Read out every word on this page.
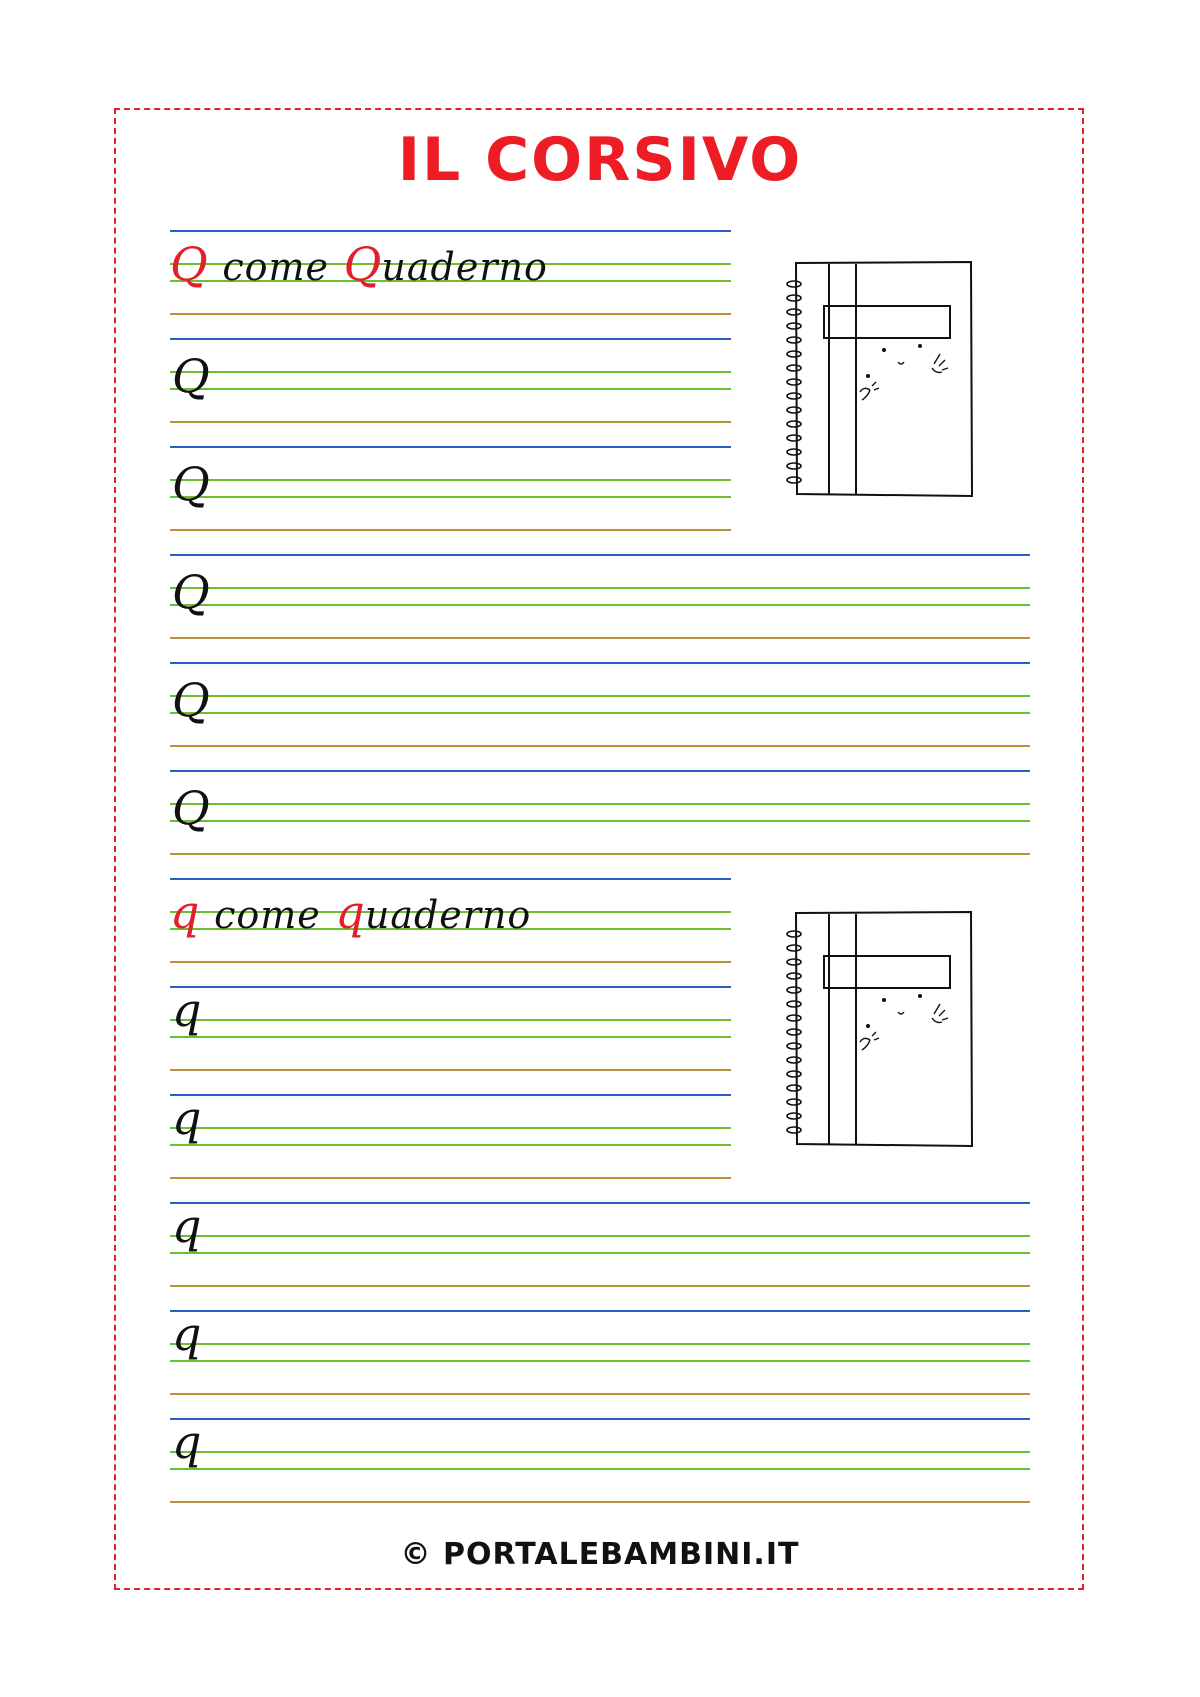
IL CORSIVO
Q come Quaderno
Q
Q
Q
Q
Q
q come quaderno
q
q
q
q
q
© PORTALEBAMBINI.IT
